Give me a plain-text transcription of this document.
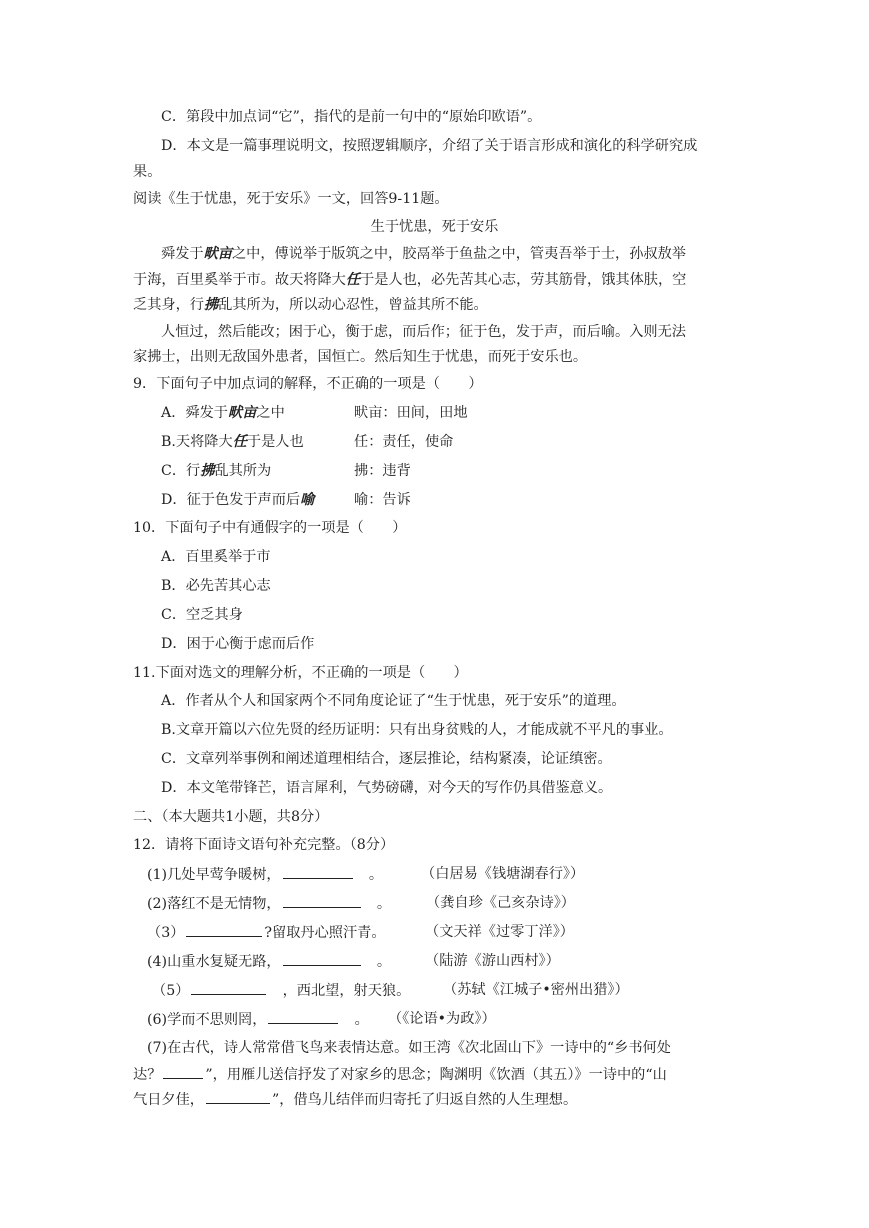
C．第段中加点词“它”，指代的是前一句中的“原始印欧语”。
D．本文是一篇事理说明文，按照逻辑顺序，介绍了关于语言形成和演化的科学研究成
果。
阅读《生于忧患，死于安乐》一文，回答9-11题。
生于忧患，死于安乐
舜发于畎亩之中，傅说举于版筑之中，胶鬲举于鱼盐之中，管夷吾举于士，孙叔敖举
于海，百里奚举于市。故天将降大任于是人也，必先苦其心志，劳其筋骨，饿其体肤，空
乏其身，行拂乱其所为，所以动心忍性，曾益其所不能。
人恒过，然后能改；困于心，衡于虑，而后作；征于色，发于声，而后喻。入则无法
家拂士，出则无敌国外患者，国恒亡。然后知生于忧患，而死于安乐也。
9．下面句子中加点词的解释，不正确的一项是（　　）
A．舜发于畎亩之中	畎亩：田间，田地
B.天将降大任于是人也	任：责任，使命
C．行拂乱其所为	拂：违背
D．征于色发于声而后喻	喻：告诉
10．下面句子中有通假字的一项是（　　）
A．百里奚举于市
B．必先苦其心志
C．空乏其身
D．困于心衡于虑而后作
11.下面对选文的理解分析，不正确的一项是（　　）
A．作者从个人和国家两个不同角度论证了“生于忧患，死于安乐”的道理。
B.文章开篇以六位先贤的经历证明：只有出身贫贱的人，才能成就不平凡的事业。
C．文章列举事例和阐述道理相结合，逐层推论，结构紧凑，论证缜密。
D．本文笔带锋芒，语言犀利，气势磅礴，对今天的写作仍具借鉴意义。
二、（本大题共1小题，共8分）
12．请将下面诗文语句补充完整。（8分）
(1)几处早莺争暖树，　	。	（白居易《钱塘湖春行》）
(2)落红不是无情物，　	。 （龚自珍《己亥杂诗》）
（3）	?留取丹心照汗青。	（文天祥《过零丁洋》）
(4)山重水复疑无路，　	。 （陆游《游山西村》）
（5）　	，西北望，射天狼。 （苏轼《江城子•密州出猎》）
(6)学而不思则罔，　	。 （《论语•为政》）
(7)在古代，诗人常常借飞鸟来表情达意。如王湾《次北固山下》一诗中的“乡书何处
达？	”，用雁儿送信抒发了对家乡的思念；陶渊明《饮酒（其五）》一诗中的“山
气日夕佳，	”，借鸟儿结伴而归寄托了归返自然的人生理想。
